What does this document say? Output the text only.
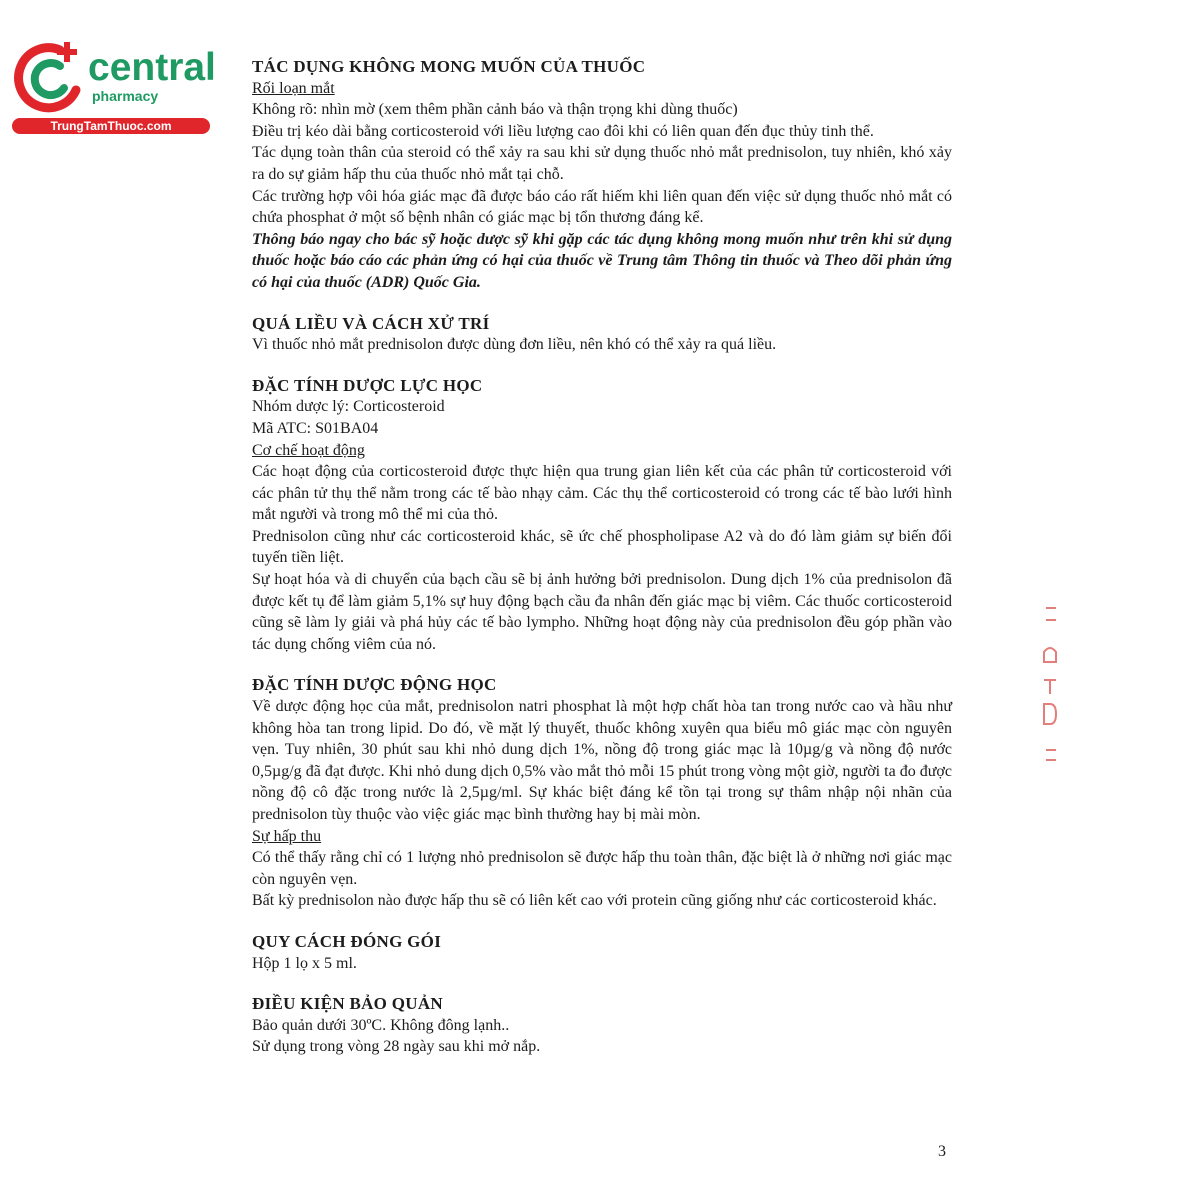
central
pharmacy
TrungTamThuoc.com
TÁC DỤNG KHÔNG MONG MUỐN CỦA THUỐC

Rối loạn mắt

Không rõ: nhìn mờ (xem thêm phần cảnh báo và thận trọng khi dùng thuốc)

Điều trị kéo dài bằng corticosteroid với liều lượng cao đôi khi có liên quan đến đục thủy tinh thể.

Tác dụng toàn thân của steroid có thể xảy ra sau khi sử dụng thuốc nhỏ mắt prednisolon, tuy nhiên, khó xảy ra do sự giảm hấp thu của thuốc nhỏ mắt tại chỗ.

Các trường hợp vôi hóa giác mạc đã được báo cáo rất hiếm khi liên quan đến việc sử dụng thuốc nhỏ mắt có chứa phosphat ở một số bệnh nhân có giác mạc bị tổn thương đáng kể.

Thông báo ngay cho bác sỹ hoặc dược sỹ khi gặp các tác dụng không mong muốn như trên khi sử dụng thuốc hoặc báo cáo các phản ứng có hại của thuốc về Trung tâm Thông tin thuốc và Theo dõi phản ứng có hại của thuốc (ADR) Quốc Gia.

QUÁ LIỀU VÀ CÁCH XỬ TRÍ

Vì thuốc nhỏ mắt prednisolon được dùng đơn liều, nên khó có thể xảy ra quá liều.

ĐẶC TÍNH DƯỢC LỰC HỌC

Nhóm dược lý: Corticosteroid

Mã ATC: S01BA04

Cơ chế hoạt động

Các hoạt động của corticosteroid được thực hiện qua trung gian liên kết của các phân tử corticosteroid với các phân tử thụ thể nằm trong các tế bào nhạy cảm. Các thụ thể corticosteroid có trong các tế bào lưới hình mắt người và trong mô thể mi của thỏ.

Prednisolon cũng như các corticosteroid khác, sẽ ức chế phospholipase A2 và do đó làm giảm sự biến đổi tuyến tiền liệt.

Sự hoạt hóa và di chuyển của bạch cầu sẽ bị ảnh hưởng bởi prednisolon. Dung dịch 1% của prednisolon đã được kết tụ để làm giảm 5,1% sự huy động bạch cầu đa nhân đến giác mạc bị viêm. Các thuốc corticosteroid cũng sẽ làm ly giải và phá hủy các tế bào lympho. Những hoạt động này của prednisolon đều góp phần vào tác dụng chống viêm của nó.

ĐẶC TÍNH DƯỢC ĐỘNG HỌC

Về dược động học của mắt, prednisolon natri phosphat là một hợp chất hòa tan trong nước cao và hầu như không hòa tan trong lipid. Do đó, về mặt lý thuyết, thuốc không xuyên qua biểu mô giác mạc còn nguyên vẹn. Tuy nhiên, 30 phút sau khi nhỏ dung dịch 1%, nồng độ trong giác mạc là 10µg/g và nồng độ nước 0,5µg/g đã đạt được. Khi nhỏ dung dịch 0,5% vào mắt thỏ mỗi 15 phút trong vòng một giờ, người ta đo được nồng độ cô đặc trong nước là 2,5µg/ml. Sự khác biệt đáng kể tồn tại trong sự thâm nhập nội nhãn của prednisolon tùy thuộc vào việc giác mạc bình thường hay bị mài mòn.

Sự hấp thu

Có thể thấy rằng chỉ có 1 lượng nhỏ prednisolon sẽ được hấp thu toàn thân, đặc biệt là ở những nơi giác mạc còn nguyên vẹn.

Bất kỳ prednisolon nào được hấp thu sẽ có liên kết cao với protein cũng giống như các corticosteroid khác.

QUY CÁCH ĐÓNG GÓI

Hộp 1 lọ x 5 ml.

ĐIỀU KIỆN BẢO QUẢN

Bảo quản dưới 30ºC. Không đông lạnh..

Sử dụng trong vòng 28 ngày sau khi mở nắp.

3
